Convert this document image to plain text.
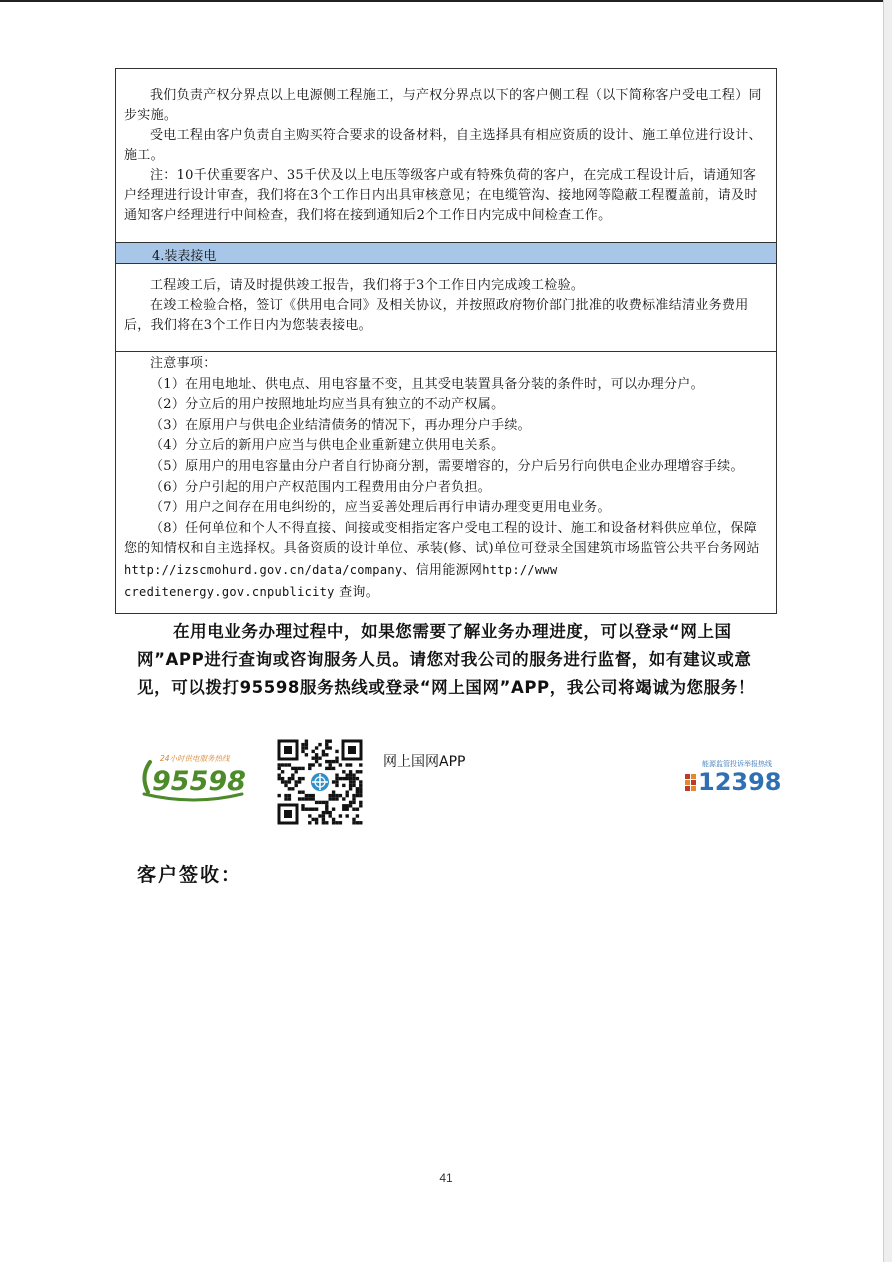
我们负责产权分界点以上电源侧工程施工，与产权分界点以下的客户侧工程（以下简称客户受电工程）同步实施。

受电工程由客户负责自主购买符合要求的设备材料，自主选择具有相应资质的设计、施工单位进行设计、施工。

注：10千伏重要客户、35千伏及以上电压等级客户或有特殊负荷的客户，在完成工程设计后，请通知客户经理进行设计审查，我们将在3个工作日内出具审核意见；在电缆管沟、接地网等隐蔽工程覆盖前，请及时通知客户经理进行中间检查，我们将在接到通知后2个工作日内完成中间检查工作。

4.装表接电

工程竣工后，请及时提供竣工报告，我们将于3个工作日内完成竣工检验。

在竣工检验合格，签订《供用电合同》及相关协议，并按照政府物价部门批准的收费标准结清业务费用后，我们将在3个工作日内为您装表接电。

注意事项：

（1）在用电地址、供电点、用电容量不变，且其受电装置具备分装的条件时，可以办理分户。

（2）分立后的用户按照地址均应当具有独立的不动产权属。

（3）在原用户与供电企业结清债务的情况下，再办理分户手续。

（4）分立后的新用户应当与供电企业重新建立供用电关系。

（5）原用户的用电容量由分户者自行协商分割，需要增容的，分户后另行向供电企业办理增容手续。

（6）分户引起的用户产权范围内工程费用由分户者负担。

（7）用户之间存在用电纠纷的，应当妥善处理后再行申请办理变更用电业务。

（8）任何单位和个人不得直接、间接或变相指定客户受电工程的设计、施工和设备材料供应单位，保障您的知情权和自主选择权。具备资质的设计单位、承装(修、试)单位可登录全国建筑市场监管公共平台务网站http://izscmohurd.gov.cn/data/company、信用能源网http://www creditenergy.gov.cnpublicity 查询。

在用电业务办理过程中，如果您需要了解业务办理进度，可以登录“网上国网”APP进行查询或咨询服务人员。请您对我公司的服务进行监督，如有建议或意见，可以拨打95598服务热线或登录“网上国网”APP，我公司将竭诚为您服务！

24小时供电服务热线
95598
网上国网APP	能源监管投诉举报热线
12398
客户签收：
41
